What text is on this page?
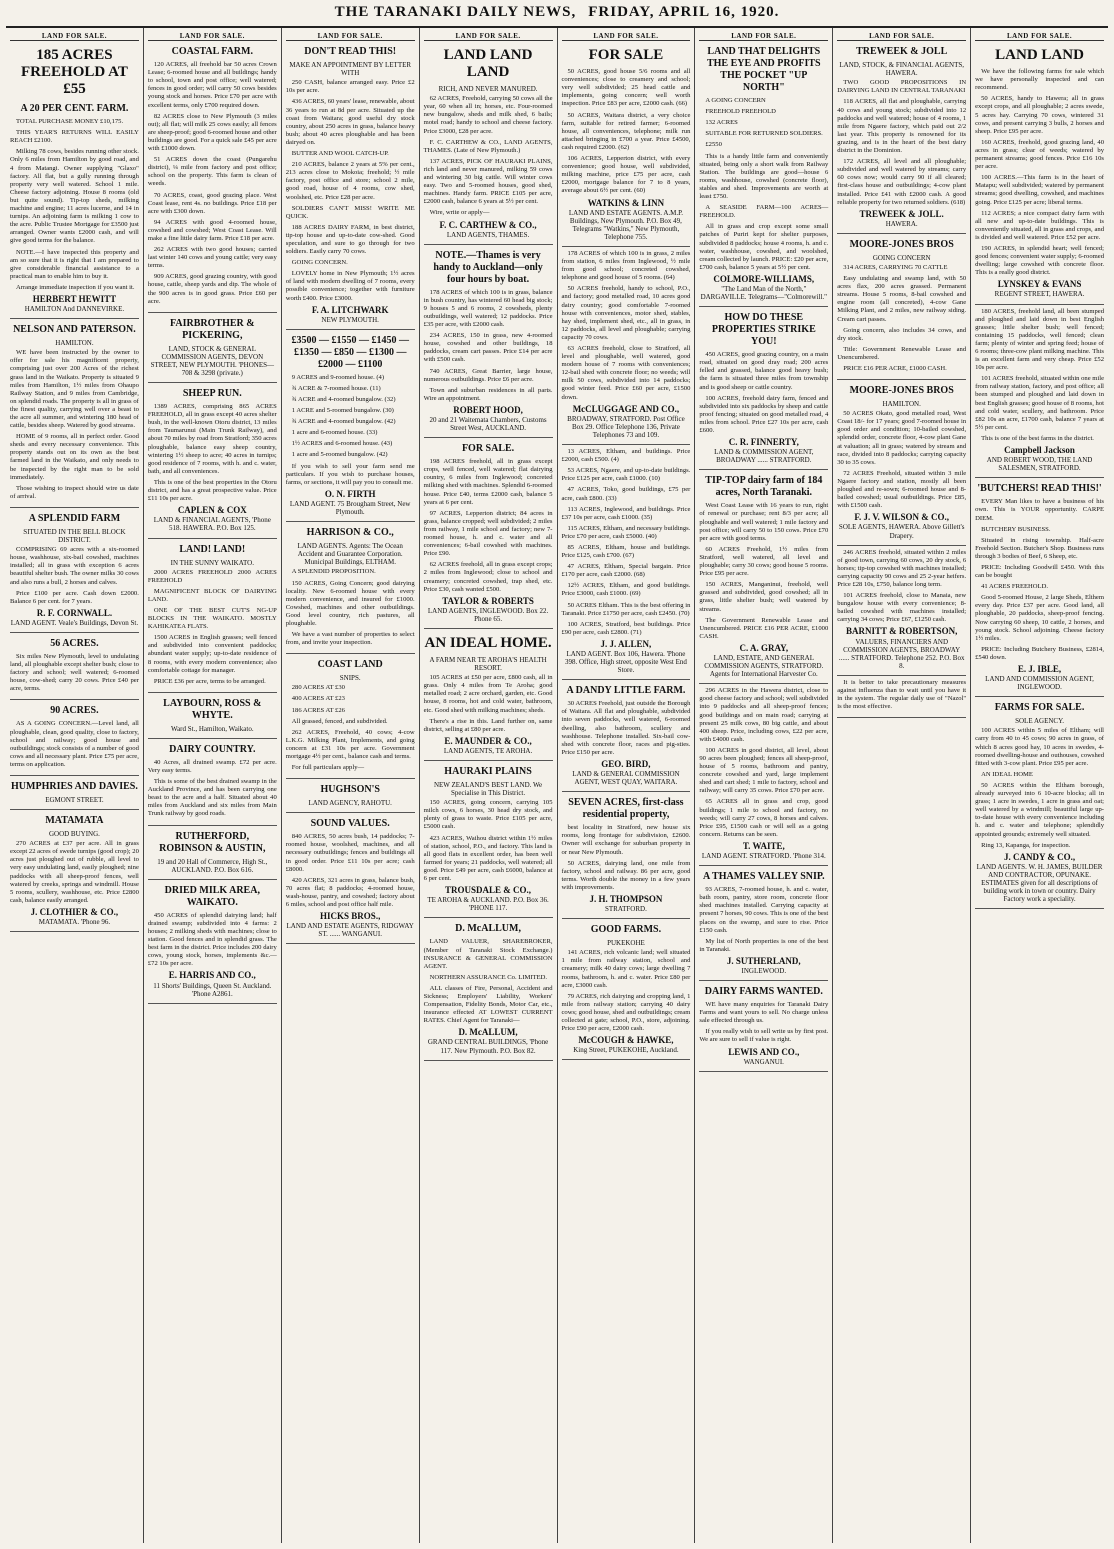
THE TARANAKI DAILY NEWS, FRIDAY, APRIL 16, 1920.
LAND FOR SALE.
185 ACRES FREEHOLD AT £55
A 20 PER CENT. FARM.

TOTAL PURCHASE MONEY £10,175.

THIS YEAR'S RETURNS WILL EASILY REACH £2100.

Milking 78 cows, besides running other stock. Only 6 miles from Hamilton by good road, and 4 from Matangi. Owner supplying "Glaxo" factory. All flat, but a gully running through property very well watered. School 1 mile. Cheese factory adjoining. House 8 rooms (old but quite sound). Tip-top sheds, milking machine and engine; 11 acres lucerne, and 14 in turnips. An adjoining farm is milking 1 cow to the acre. Public Trustee Mortgage for £3500 just arranged. Owner wants £2000 cash, and will give good terms for the balance.

NOTE.—I have inspected this property and am so sure that it is right that I am prepared to give considerable financial assistance to a practical man to enable him to buy it.

Arrange immediate inspection if you want it.

HERBERT HEWITT
HAMILTON And DANNEVIRKE.
NELSON AND PATERSON.
HAMILTON.

WE have been instructed by the owner to offer for sale his magnificent property, comprising just over 200 Acres of the richest grass land in the Waikato. Property is situated 9 miles from Hamilton, 1½ miles from Ohaupo Railway Station, and 9 miles from Cambridge, on splendid roads. The property is all in grass of the finest quality, carrying well over a beast to the acre all summer, and wintering 180 head of cattle, besides sheep. Watered by good streams.

HOME of 9 rooms, all in perfect order. Good sheds and every necessary convenience. This property stands out on its own as the best farmed land in the Waikato, and only needs to be inspected by the right man to be sold immediately.

Those wishing to inspect should wire us date of arrival.

A SPLENDID FARM
SITUATED IN THE BELL BLOCK DISTRICT.

COMPRISING 69 acres with a six-roomed house, washhouse, six-bail cowshed, machines installed; all in grass with exception 6 acres beautiful shelter bush. The owner milks 30 cows and also runs a bull, 2 horses and calves.

Price £100 per acre. Cash down £2000. Balance 6 per cent. for 7 years.

R. F. CORNWALL.
LAND AGENT. Veale's Buildings, Devon St.
56 ACRES.

Six miles New Plymouth, level to undulating land, all ploughable except shelter bush; close to factory and school; well watered; 6-roomed house, cow-shed; carry 20 cows. Price £40 per acre, terms.

90 ACRES.

AS A GOING CONCERN.—Level land, all ploughable, clean, good quality, close to factory, school and railway; good house and outbuildings; stock consists of a number of good cows and all necessary plant. Price £75 per acre, terms on application.

HUMPHRIES AND DAVIES.
EGMONT STREET.
MATAMATA
GOOD BUYING.

270 ACRES at £37 per acre. All in grass except 22 acres of swede turnips (good crop); 20 acres just ploughed out of rubble, all level to very easy undulating land, easily ploughed; nine paddocks with all sheep-proof fences, well watered by creeks, springs and windmill. House 5 rooms, scullery, washhouse, etc. Price £2800 cash, balance easily arranged.

J. CLOTHIER & CO.,
MATAMATA. 'Phone 96.
LAND FOR SALE.
COASTAL FARM.

120 ACRES, all freehold bar 50 acres Crown Lease; 6-roomed house and all buildings; handy to school, town and post office; well watered; fences in good order; will carry 50 cows besides young stock and horses. Price £70 per acre with excellent terms, only £700 required down.

82 ACRES close to New Plymouth (3 miles out); all flat; will milk 25 cows easily; all fences are sheep-proof; good 6-roomed house and other buildings are good. For a quick sale £45 per acre with £1000 down.

51 ACRES down the coast (Pungarehu district), ¼ mile from factory and post office; school on the property. This farm is clean of weeds.

70 ACRES, coast, good grazing place. West Coast lease, rent 4s. no buildings. Price £18 per acre with £300 down.

94 ACRES with good 4-roomed house, cowshed and cowshed; West Coast Lease. Will make a fine little dairy farm. Price £18 per acre.

262 ACRES with two good houses; carried last winter 140 cows and young cattle; very easy terms.

909 ACRES, good grazing country, with good house, cattle, sheep yards and dip. The whole of the 900 acres is in good grass. Price £60 per acre.

FAIRBROTHER & PICKERING,
LAND, STOCK & GENERAL COMMISSION AGENTS, DEVON STREET, NEW PLYMOUTH. 'PHONES—708 & 3298 (private.)
SHEEP RUN.

1389 ACRES, comprising 865 ACRES FREEHOLD, all in grass except 40 acres shelter bush, in the well-known Otoru district, 13 miles from Taumarunui (Main Trunk Railway), and about 70 miles by road from Stratford; 350 acres ploughable, balance easy sheep country, wintering 1½ sheep to acre; 40 acres in turnips; good residence of 7 rooms, with h. and c. water, bath, and all conveniences.

This is one of the best properties in the Otoru district, and has a great prospective value. Price £11 10s per acre.

CAPLEN & COX
LAND & FINANCIAL AGENTS, 'Phone 518. HAWERA. P.O. Box 125.
LAND! LAND!
IN THE SUNNY WAIKATO.

2000 ACRES FREEHOLD 2000 ACRES FREEHOLD

MAGNIFICENT BLOCK OF DAIRYING LAND.

ONE OF THE BEST CUT'S NG-UP BLOCKS IN THE WAIKATO. MOSTLY KAHIKATEA FLATS.

1500 ACRES in English grasses; well fenced and subdivided into convenient paddocks; abundant water supply; up-to-date residence of 8 rooms, with every modern convenience; also comfortable cottage for manager.

PRICE £36 per acre, terms to be arranged.

LAYBOURN, ROSS & WHYTE.
Ward St., Hamilton, Waikato.
DAIRY COUNTRY.

40 Acres, all drained swamp. £72 per acre. Very easy terms.

This is some of the best drained swamp in the Auckland Province, and has been carrying one beast to the acre and a half. Situated about 40 miles from Auckland and six miles from Main Trunk railway by good roads.

RUTHERFORD, ROBINSON & AUSTIN,
19 and 20 Hall of Commerce, High St., AUCKLAND. P.O. Box 616.
DRIED MILK AREA, WAIKATO.

450 ACRES of splendid dairying land; half drained swamp; subdivided into 4 farms: 2 houses; 2 milking sheds with machines; close to station. Good fences and in splendid grass. The best farm in the district. Price includes 200 dairy cows, young stock, horses, implements &c.—£72 10s per acre.

E. HARRIS AND CO.,
11 Shorts' Buildings, Queen St. Auckland. 'Phone A2861.
LAND FOR SALE.
DON'T READ THIS!
MAKE AN APPOINTMENT BY LETTER WITH

250 CASH, balance arranged easy. Price £2 10s per acre.

436 ACRES, 60 years' lease, renewable, about 36 years to run at 8d per acre. Situated up the coast from Waitara; good useful dry stock country, about 250 acres in grass, balance heavy bush; about 40 acres ploughable and has been dairyed on.

BUTTER AND WOOL CATCH-UP.

210 ACRES, balance 2 years at 5% per cent., 213 acres close to Mokoia; freehold; ½ mile factory, post office and store; school 2 mile, good road, house of 4 rooms, cow shed, woolshed, etc. Price £28 per acre.

SOLDIERS CAN'T MISS! WRITE ME QUICK.

188 ACRES DAIRY FARM, in best district, tip-top house and up-to-date cow-shed. Good speculation, and sure to go through for two soldiers. Easily carry 70 cows.

GOING CONCERN.

LOVELY home in New Plymouth; 1½ acres of land with modern dwelling of 7 rooms, every possible convenience; together with furniture worth £400. Price £3000.

F. A. LITCHWARK
NEW PLYMOUTH.
£3500 — £1550 — £1450 — £1350 — £850 — £1300 — £2000 — £1100

9 ACRES and 9-roomed house. (4)

¾ ACRE & 7-roomed house. (11)

¾ ACRE and 4-roomed bungalow. (32)

1 ACRE and 5-roomed bungalow. (30)

¾ ACRE and 4-roomed bungalow. (42)

1 acre and 6-roomed house. (33)

1½ ACRES and 6-roomed house. (43)

1 acre and 5-roomed bungalow. (42)

If you wish to sell your farm send me particulars. If you wish to purchase houses, farms, or sections, it will pay you to consult me.

O. N. FIRTH
LAND AGENT. 75 Brougham Street, New Plymouth.
HARRISON & CO.,
LAND AGENTS. Agents: The Ocean Accident and Guarantee Corporation. Municipal Buildings, ELTHAM.

A SPLENDID PROPOSITION.

150 ACRES, Going Concern; good dairying locality. New 6-roomed house with every modern convenience, and insured for £1000. Cowshed, machines and other outbuildings. Good level country, rich pastures, all ploughable.

We have a vast number of properties to select from, and invite your inspection.

COAST LAND
SNIPS.

280 ACRES AT £30

400 ACRES AT £23

186 ACRES AT £26

All grassed, fenced, and subdivided.

262 ACRES, Freehold, 40 cows; 4-cow L.K.G. Milking Plant, Implements, and going concern at £31 10s per acre. Government mortgage 4½ per cent., balance cash and terms.

For full particulars apply—

HUGHSON'S
LAND AGENCY, RAHOTU.
SOUND VALUES.

840 ACRES, 50 acres bush, 14 paddocks; 7-roomed house, woolshed, machines, and all necessary outbuildings; fences and buildings all in good order. Price £11 10s per acre; cash £8000.

420 ACRES, 321 acres in grass, balance bush, 70 acres flat; 8 paddocks; 4-roomed house, wash-house, pantry, and cowshed; factory about 6 miles, school and post office half mile.

HICKS BROS.,
LAND AND ESTATE AGENTS, RIDGWAY ST. ...... WANGANUI.
LAND FOR SALE.
LAND LAND LAND
RICH, AND NEVER MANURED.

62 ACRES, Freehold, carrying 50 cows all the year, 60 when all in; horses, etc. Four-roomed new bungalow, sheds and milk shed, 6 bails; motel road; handy to school and cheese factory. Price £3000, £28 per acre.

F. C. CARTHEW & CO., LAND AGENTS, THAMES. (Late of New Plymouth.)

137 ACRES, PICK OF HAURAKI PLAINS, rich land and never manured, milking 59 cows and wintering 30 big cattle. Will winter cows easy. Two and 5-roomed houses, good shed, machines. Handy farm. PRICE £105 per acre, £2000 cash, balance 6 years at 5½ per cent.

Wire, write or apply—

F. C. CARTHEW & CO.,
LAND AGENTS, THAMES.
NOTE.—Thames is very handy to Auckland—only four hours by boat.

178 ACRES of which 100 is in grass, balance in bush country, has wintered 60 head big stock; 9 houses 5 and 6 rooms, 2 cowsheds, plenty outbuildings, well watered; 12 paddocks. Price £35 per acre, with £2000 cash.

234 ACRES, 150 in grass, new 4-roomed house, cowshed and other buildings, 18 paddocks, cream cart passes. Price £14 per acre with £500 cash.

740 ACRES, Great Barrier, large house, numerous outbuildings. Price £6 per acre.

Town and suburban residences in all parts. Wire an appointment.

ROBERT HOOD,
20 and 21 Waitemata Chambers, Customs Street West, AUCKLAND.
FOR SALE.

198 ACRES freehold, all in grass except crops, well fenced, well watered; flat dairying country, 6 miles from Inglewood; concreted milking shed with machines. Splendid 6-roomed house. Price £40, terms £2000 cash, balance 5 years at 6 per cent.

97 ACRES, Lepperton district; 84 acres in grass, balance cropped; well subdivided; 2 miles from railway, 1 mile school and factory; new 7-roomed house, h. and c. water and all conveniences; 6-bail cowshed with machines. Price £90.

62 ACRES freehold, all in grass except crops; 2 miles from Inglewood; close to school and creamery; concreted cowshed, trap shed, etc. Price £30, cash wanted £500.

TAYLOR & ROBERTS
LAND AGENTS, INGLEWOOD. Box 22. Phone 65.
AN IDEAL HOME.
A FARM NEAR TE AROHA'S HEALTH RESORT.

105 ACRES at £50 per acre, £800 cash, all in grass. Only 4 miles from Te Aroha; good metalled road; 2 acre orchard, garden, etc. Good house, 8 rooms, hot and cold water, bathroom, etc. Good shed with milking machines; sheds.

There's a rise in this. Land further on, same district, selling at £80 per acre.

E. MAUNDER & CO.,
LAND AGENTS, TE AROHA.
HAURAKI PLAINS
NEW ZEALAND'S BEST LAND. We Specialise in This District.

150 ACRES, going concern, carrying 105 milch cows, 6 horses, 30 head dry stock, and plenty of grass to waste. Price £105 per acre, £5000 cash.

423 ACRES, Waihou district within 1½ miles of station, school, P.O., and factory. This land is all good flats in excellent order, has been well farmed for years; 21 paddocks, well watered; all good. Price £49 per acre, cash £6000, balance at 6 per cent.

TROUSDALE & CO.,
TE AROHA & AUCKLAND. P.O. Box 36. 'PHONE 117.
D. McALLUM,

LAND VALUER, SHAREBROKER, (Member of Taranaki Stock Exchange.) INSURANCE & GENERAL COMMISSION AGENT.

NORTHERN ASSURANCE Co. LIMITED.

ALL classes of Fire, Personal, Accident and Sickness; Employers' Liability, Workers' Compensation, Fidelity Bonds, Motor Car, etc., insurance effected AT LOWEST CURRENT RATES. Chief Agent for Taranaki—

D. McALLUM,
GRAND CENTRAL BUILDINGS, 'Phone 117. New Plymouth. P.O. Box 82.
LAND FOR SALE.
FOR SALE

50 ACRES, good house 5/6 rooms and all conveniences; close to creamery and school; very well subdivided; 25 head cattle and implements, going concern; well worth inspection. Price £83 per acre, £2000 cash. (66)

50 ACRES, Waitara district, a very choice farm, suitable for retired farmer; 6-roomed house, all conveniences, telephone; milk run attached bringing in £700 a year. Price £4500, cash required £2000. (62)

106 ACRES, Lepperton district, with every convenience; good house, well subdivided, milking machine, price £75 per acre, cash £2000, mortgage balance for 7 to 8 years, average about 6½ per cent. (60)

WATKINS & LINN
LAND AND ESTATE AGENTS. A.M.P. Buildings, New Plymouth. P.O. Box 49, Telegrams "Watkins," New Plymouth, Telephone 755.

178 ACRES of which 100 is in grass, 2 miles from station, 6 miles from Inglewood, ½ mile from good school; concreted cowshed, telephone and good house of 5 rooms. (64)

50 ACRES freehold, handy to school, P.O., and factory; good metalled road, 10 acres good dairy country; good comfortable 7-roomed house with conveniences, motor shed, stables, hay shed, implement shed, etc., all in grass, in 12 paddocks, all level and ploughable; carrying capacity 70 cows.

63 ACRES freehold, close to Stratford, all level and ploughable, well watered, good modern house of 7 rooms with conveniences; 12-bail shed with concrete floor; no weeds; will milk 50 cows, subdivided into 14 paddocks; good winter feed. Price £60 per acre, £1500 down.

McCLUGGAGE AND CO.,
BROADWAY, STRATFORD. Post Office Box 29. Office Telephone 136, Private Telephones 73 and 109.

13 ACRES, Eltham, and buildings. Price £2000, cash £500. (4)

53 ACRES, Ngaere, and up-to-date buildings. Price £125 per acre, cash £1000. (10)

47 ACRES, Toko, good buildings, £75 per acre, cash £800. (33)

113 ACRES, Inglewood, and buildings. Price £37 10s per acre, cash £1000. (35)

115 ACRES, Eltham, and necessary buildings. Price £70 per acre, cash £5000. (40)

85 ACRES, Eltham, house and buildings. Price £125, cash £700. (67)

47 ACRES, Eltham, Special bargain. Price £170 per acre, cash £2000. (68)

12½ ACRES, Eltham, and good buildings. Price £3000, cash £1000. (69)

50 ACRES Eltham. This is the best offering in Taranaki. Price £1750 per acre, cash £2450. (70)

100 ACRES, Stratford, best buildings. Price £90 per acre, cash £2800. (71)

J. J. ALLEN,
LAND AGENT. Box 106, Hawera. 'Phone 398. Office, High street, opposite West End Store.
A DANDY LITTLE FARM.

30 ACRES Freehold, just outside the Borough of Waitara. All flat and ploughable, subdivided into seven paddocks, well watered, 6-roomed dwelling, also bathroom, scullery and washhouse. Telephone installed. Six-bail cow-shed with concrete floor, races and pig-sties. Price £150 per acre.

GEO. BIRD,
LAND & GENERAL COMMISSION AGENT, WEST QUAY, WAITARA.
SEVEN ACRES, first-class residential property,

best locality in Stratford, new house six rooms, long frontage for subdivision, £2600. Owner will exchange for suburban property in or near New Plymouth.

50 ACRES, dairying land, one mile from factory, school and railway. 86 per acre, good terms. Worth double the money in a few years with improvements.

J. H. THOMPSON
STRATFORD.
GOOD FARMS.
PUKEKOHE

141 ACRES, rich volcanic land; well situated 1 mile from railway station, school and creamery; milk 40 dairy cows; large dwelling 7 rooms, bathroom, h. and c. water. Price £80 per acre, £3000 cash.

79 ACRES, rich dairying and cropping land, 1 mile from railway station; carrying 40 dairy cows; good house, shed and outbuildings; cream collected at gate; school, P.O., store, adjoining. Price £90 per acre, £2000 cash.

McCOUGH & HAWKE,
King Street, PUKEKOHE, Auckland.
LAND FOR SALE.
LAND THAT DELIGHTS THE EYE AND PROFITS THE POCKET "UP NORTH"

A GOING CONCERN

FREEHOLD FREEHOLD

132 ACRES

SUITABLE FOR RETURNED SOLDIERS.

£2550

This is a handy little farm and conveniently situated, being only a short walk from Railway Station. The buildings are good—house 6 rooms, washhouse, cowshed (concrete floor), stables and shed. Improvements are worth at least £750.

A SEASIDE FARM—100 ACRES—FREEHOLD.

All in grass and crop except some small patches of Puriri kept for shelter purposes, subdivided 8 paddocks; house 4 rooms, h. and c. water, washhouse, cowshed, and woolshed, cream collected by launch. PRICE: £20 per acre, £700 cash, balance 5 years at 5½ per cent.

COLMORE-WILLIAMS,
"The Land Man of the North," DARGAVILLE. Telegrams—"Colmorewill."
HOW DO THESE PROPERTIES STRIKE YOU!

450 ACRES, good grazing country, on a main road, situated on good dray road; 200 acres felled and grassed, balance good heavy bush; the farm is situated three miles from township and is good sheep or cattle country.

100 ACRES, freehold dairy farm, fenced and subdivided into six paddocks by sheep and cattle proof fencing; situated on good metalled road, 4 miles from school. Price £27 10s per acre, cash £600.

C. R. FINNERTY,
LAND & COMMISSION AGENT, BROADWAY ...... STRATFORD.
TIP-TOP dairy farm of 184 acres, North Taranaki.

West Coast Lease with 16 years to run, right of renewal or purchase; rent 8/3 per acre; all ploughable and well watered; 1 mile factory and post office; will carry 50 to 150 cows. Price £70 per acre with good terms.

60 ACRES Freehold, 1½ miles from Stratford, well watered, all level and ploughable; carry 30 cows; good house 5 rooms. Price £95 per acre.

150 ACRES, Manganinui, freehold, well grassed and subdivided, good cowshed; all in grass, little shelter bush; well watered by streams.

The Government Renewable Lease and Unencumbered. PRICE £16 PER ACRE, £1000 CASH.

C. A. GRAY,
LAND, ESTATE, AND GENERAL COMMISSION AGENTS, STRATFORD. Agents for International Harvester Co.

296 ACRES in the Hawera district, close to good cheese factory and school; well subdivided into 9 paddocks and all sheep-proof fences; good buildings and on main road; carrying at present 25 milk cows, 80 big cattle, and about 400 sheep. Price, including cows, £22 per acre, with £4000 cash.

100 ACRES in good district, all level, about 90 acres been ploughed; fences all sheep-proof, house of 5 rooms, bathroom and pantry, concrete cowshed and yard, large implement shed and cart shed; 1 mile to factory, school and railway; will carry 35 cows. Price £70 per acre.

65 ACRES all in grass and crop, good buildings; 1 mile to school and factory, no weeds; will carry 27 cows, 8 horses and calves. Price £95, £1500 cash or will sell as a going concern. Returns can be seen.

T. WAITE,
LAND AGENT. STRATFORD. 'Phone 314.
A THAMES VALLEY SNIP.

93 ACRES, 7-roomed house, h. and c. water, bath room, pantry, store room, concrete floor shed machines installed. Carrying capacity at present 7 horses, 90 cows. This is one of the best places on the swamp, and sure to rise. Price £150 cash.

My list of North properties is one of the best in Taranaki.

J. SUTHERLAND,
INGLEWOOD.
DAIRY FARMS WANTED.

WE have many enquiries for Taranaki Dairy Farms and want yours to sell. No charge unless sale effected through us.

If you really wish to sell write us by first post. We are sure to sell if value is right.

LEWIS AND CO.,
WANGANUI.
LAND FOR SALE.
TREWEEK & JOLL
LAND, STOCK, & FINANCIAL AGENTS, HAWERA.

TWO GOOD PROPOSITIONS IN DAIRYING LAND IN CENTRAL TARANAKI

118 ACRES, all flat and ploughable, carrying 40 cows and young stock; subdivided into 12 paddocks and well watered; house of 4 rooms, 1 mile from Ngaere factory, which paid out 2/2 last year. This property is renowned for its grazing, and is in the heart of the best dairy district in the Dominion.

172 ACRES, all level and all ploughable; subdivided and well watered by streams; carry 60 cows now; would carry 90 if all cleared; first-class house and outbuildings; 4-cow plant installed. Price £41 with £2000 cash. A good reliable property for two returned soldiers. (618)

TREWEEK & JOLL.
HAWERA.
MOORE-JONES BROS
GOING CONCERN

314 ACRES, CARRYING 70 CATTLE

Easy undulating and swamp land, with 50 acres flax, 200 acres grassed. Permanent streams. House 5 rooms, 8-bail cowshed and engine room (all concreted), 4-cow Gane Milking Plant, and 2 miles, new railway siding. Cream cart passes.

Going concern, also includes 34 cows, and dry stock.

Title: Government Renewable Lease and Unencumbered.

PRICE £16 PER ACRE, £1000 CASH.

MOORE-JONES BROS
HAMILTON.

50 ACRES Okato, good metalled road, West Coast 18/- for 17 years; good 7-roomed house in good order and condition; 10-bailed cowshed, splendid order, concrete floor, 4-cow plant Gane at valuation; all in grass; watered by stream and race, divided into 8 paddocks; carrying capacity 30 to 35 cows.

72 ACRES Freehold, situated within 3 mile Ngaere factory and station, mostly all been ploughed and re-sown; 6-roomed house and 8-bailed cowshed; usual outbuildings. Price £85, with £1500 cash.

F. J. V. WILSON & CO.,
SOLE AGENTS, HAWERA. Above Gillett's Drapery.

246 ACRES freehold, situated within 2 miles of good town, carrying 60 cows, 20 dry stock, 6 horses; tip-top cowshed with machines installed; carrying capacity 90 cows and 25 2-year heifers. Price £28 10s, £750, balance long term.

101 ACRES freehold, close to Manaia, new bungalow house with every convenience; 8-bailed cowshed with machines installed; carrying 34 cows; Price £67, £1250 cash.

BARNITT & ROBERTSON,
VALUERS, FINANCIERS AND COMMISSION AGENTS, BROADWAY ...... STRATFORD. Telephone 252. P.O. Box 8.

It is better to take precautionary measures against influenza than to wait until you have it in the system. The regular daily use of "Nazol" is the most effective.

LAND FOR SALE.
LAND LAND

We have the following farms for sale which we have personally inspected and can recommend.

50 ACRES, handy to Hawera; all in grass except crops, and all ploughable; 2 acres swede, 5 acres hay. Carrying 70 cows, wintered 31 cows, and present carrying 3 bulls, 2 horses and sheep. Price £95 per acre.

160 ACRES, freehold, good grazing land, 40 acres in grass; clear of weeds; watered by permanent streams; good fences. Price £16 10s per acre.

100 ACRES.—This farm is in the heart of Matapu; well subdivided; watered by permanent streams; good dwelling, cowshed, and machines going. Price £125 per acre; liberal terms.

112 ACRES; a nice compact dairy farm with all new and up-to-date buildings. This is conveniently situated, all in grass and crops, and is divided and well watered. Price £52 per acre.

190 ACRES, in splendid heart; well fenced; good fences; convenient water supply; 6-roomed dwelling; large cowshed with concrete floor. This is a really good district.

LYNSKEY & EVANS
REGENT STREET, HAWERA.

180 ACRES, freehold land, all been stumped and ploughed and laid down in best English grasses; little shelter bush; well fenced; containing 15 paddocks, well fenced; clean farm; plenty of winter and spring feed; house of 6 rooms; three-cow plant milking machine. This is an excellent farm and very cheap. Price £52 10s per acre.

101 ACRES freehold, situated within one mile from railway station, factory, and post office; all been stumped and ploughed and laid down in best English grasses; good house of 8 rooms, hot and cold water, scullery, and bathroom. Price £82 10s an acre, £1700 cash, balance 7 years at 5½ per cent.

This is one of the best farms in the district.

Campbell Jackson
AND ROBERT WOOD, THE LAND SALESMEN, STRATFORD.
'BUTCHERS! READ THIS!'

EVERY Man likes to have a business of his own. This is YOUR opportunity. CARPE DIEM.

BUTCHERY BUSINESS.

Situated in rising township. Half-acre Freehold Section. Butcher's Shop. Business runs through 3 bodies of Beef, 6 Sheep, etc.

PRICE: Including Goodwill £450. With this can be bought

41 ACRES FREEHOLD.

Good 5-roomed House, 2 large Sheds, Elthem every day. Price £37 per acre. Good land, all ploughable, 20 paddocks, sheep-proof fencing. Now carrying 60 sheep, 10 cattle, 2 horses, and young stock. School adjoining. Cheese factory 1½ miles.

PRICE: Including Butchery Business, £2814, £540 down.

E. J. IBLE,
LAND AND COMMISSION AGENT, INGLEWOOD.
FARMS FOR SALE.
SOLE AGENCY.

100 ACRES within 5 miles of Eltham; will carry from 40 to 45 cows; 90 acres in grass, of which 8 acres good hay, 10 acres in swedes, 4-roomed dwelling-house and outhouses, cowshed fitted with 3-cow plant. Price £95 per acre.

AN IDEAL HOME

50 ACRES within the Eltham borough, already surveyed into 6 10-acre blocks; all in grass; 1 acre in swedes, 1 acre in grass and oat; well watered by a windmill; beautiful large up-to-date house with every convenience including h. and c. water and telephone; splendidly appointed grounds; extremely well situated.

Ring 13, Kapanga, for inspection.

J. CANDY & CO.,
LAND AGENTS. W. H. JAMES, BUILDER AND CONTRACTOR, OPUNAKE. ESTIMATES given for all descriptions of building work in town or country. Dairy Factory work a speciality.
